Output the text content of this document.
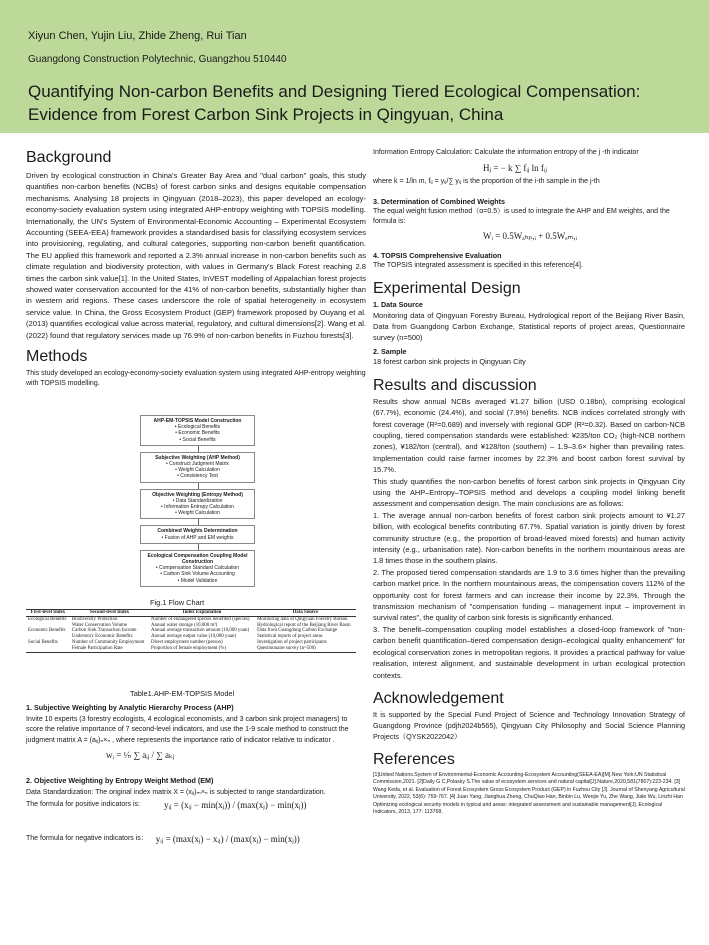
Xiyun Chen, Yujin Liu, Zhide Zheng, Rui Tian
Guangdong Construction Polytechnic, Guangzhou 510440
Quantifying Non-carbon Benefits and Designing Tiered Ecological Compensation: Evidence from Forest Carbon Sink Projects in Qingyuan, China
Background

Driven by ecological construction in China's Greater Bay Area and "dual carbon" goals, this study quantifies non-carbon benefits (NCBs) of forest carbon sinks and designs equitable compensation mechanisms. Analysing 18 projects in Qingyuan (2018–2023), this paper developed an ecology-economy-society evaluation system using integrated AHP-entropy weighting with TOPSIS modelling. Internationally, the UN's System of Environmental-Economic Accounting – Experimental Ecosystem Accounting (SEEA-EEA) framework provides a standardised basis for classifying ecosystem services into provisioning, regulating, and cultural categories, supporting non-carbon benefit quantification. The EU applied this framework and reported a 2.3% annual increase in non-carbon benefits such as climate regulation and biodiversity protection, with values in Germany's Black Forest reaching 2.8 times the carbon sink value[1]. In the United States, InVEST modelling of Appalachian forest projects showed water conservation accounted for the 41% of non-carbon benefits, substantially higher than in western arid regions. These cases underscore the role of spatial heterogeneity in ecosystem service value. In China, the Gross Ecosystem Product (GEP) framework proposed by Ouyang et al. (2013) quantifies ecological value across material, regulatory, and cultural dimensions[2]. Wang et al. (2022) found that regulatory services made up 76.9% of non-carbon benefits in Fuzhou forests[3].

Methods

This study developed an ecology-economy-society evaluation system using integrated AHP-entropy weighting with TOPSIS modelling.

AHP-EM-TOPSIS Model Construction
• Ecological Benefits
• Economic Benefits
• Social Benefits
Subjective Weighting (AHP Method)
• Construct Judgment Matrix
• Weight Calculation
• Consistency Test
Objective Weighting (Entropy Method)
• Data Standardization
• Information Entropy Calculation
• Weight Calculation
Combined Weights Determination
• Fusion of AHP and EM weights
Ecological Compensation Coupling Model Construction
• Compensation Standard Calculation
• Carbon Sink Volume Accounting
• Model Validation
Fig.1 Flow Chart
First-level Index	Second-level Index	Index Explanation	Data Source
Ecological Benefits	Biodiversity Protection	Number of endangered species benefited (species)	Monitoring data of Qingyuan Forestry Bureau
	Water Conservation Volume	Annual water storage (10,000 m³)	Hydrological report of the Beijiang River Basin
Economic Benefits	Carbon Sink Transaction Income	Annual average transaction amount (10,000 yuan)	Data from Guangdong Carbon Exchange
	Understory Economic Benefits	Annual average output value (10,000 yuan)	Statistical reports of project areas
Social Benefits	Number of Community Employment	Direct employment number (person)	Investigation of project participants
	Female Participation Rate	Proportion of female employment (%)	Questionnaire survey (n=500)
Table1.AHP-EM-TOPSIS Model
1. Subjective Weighting by Analytic Hierarchy Process (AHP)

Invite 10 experts (3 forestry ecologists, 4 ecological economists, and 3 carbon sink project managers) to score the relative importance of 7 second-level indicators, and use the 1-9 scale method to construct the judgment matrix A = (aᵢⱼ)ₙ×ₙ , where represents the importance ratio of indicator relative to indicator .

wᵢ = ¹⁄ₙ ∑ aᵢⱼ / ∑ aₖⱼ
2. Objective Weighting by Entropy Weight Method (EM)

Data Standardization: The original index matrix X = (xᵢⱼ)ₘ×ₙ is subjected to range standardization.

The formula for positive indicators is:	yᵢⱼ = (xᵢⱼ − min(xⱼ)) / (max(xⱼ) − min(xⱼ))
The formula for negative indicators is： yᵢⱼ = (max(xⱼ) − xᵢⱼ) / (max(xⱼ) − min(xⱼ))

Information Entropy Calculation: Calculate the information entropy of the j -th indicator

Hⱼ = − k ∑ fᵢⱼ ln fᵢⱼ

where k = 1/ln m, fᵢⱼ = yᵢⱼ/∑ yᵢⱼ is the proportion of the i-th sample in the j-th

3. Determination of Combined Weights

The equal weight fusion method（α=0.5）is used to integrate the AHP and EM weights, and the formula is:

Wᵢ = 0.5Wₐₕₚ,ᵢ + 0.5Wₑₘ,ᵢ
4. TOPSIS Comprehensive Evaluation

The TOPSIS integrated assessment is specified in this reference[4].

Experimental Design
1. Data Source

Monitoring data of Qingyuan Forestry Bureau, Hydrological report of the Beijiang River Basin, Data from Guangdong Carbon Exchange, Statistical reports of project areas, Questionnaire survey (n=500)

2. Sample

18 forest carbon sink projects in Qingyuan City

Results and discussion

Results show annual NCBs averaged ¥1.27 billion (USD 0.18bn), comprising ecological (67.7%), economic (24.4%), and social (7.9%) benefits. NCB indices correlated strongly with forest coverage (R²=0.689) and inversely with regional GDP (R²=0.32). Based on carbon-NCB coupling, tiered compensation standards were established: ¥235/ton CO₂ (high-NCB northern zones), ¥182/ton (central), and ¥128/ton (southern) – 1.9–3.6× higher than prevailing rates. Implementation could raise farmer incomes by 22.3% and boost carbon forest survival by 15.7%.

This study quantifies the non-carbon benefits of forest carbon sink projects in Qingyuan City using the AHP–Entropy–TOPSIS method and develops a coupling model linking benefit assessment and compensation design. The main conclusions are as follows:

1. The average annual non-carbon benefits of forest carbon sink projects amount to ¥1.27 billion, with ecological benefits contributing 67.7%. Spatial variation is jointly driven by forest community structure (e.g., the proportion of broad-leaved mixed forests) and human activity intensity (e.g., urbanisation rate). Non-carbon benefits in the northern mountainous areas are 1.8 times those in the southern plains.

2. The proposed tiered compensation standards are 1.9 to 3.6 times higher than the prevailing carbon market price. In the northern mountainous areas, the compensation covers 112% of the opportunity cost for forest farmers and can increase their income by 22.3%. Through the transmission mechanism of "compensation funding – management input – improvement in survival rates", the quality of carbon sink forests is significantly enhanced.

3. The benefit–compensation coupling model establishes a closed-loop framework of "non-carbon benefit quantification–tiered compensation design–ecological quality enhancement" for ecological conservation zones in metropolitan regions. It provides a practical pathway for value realisation, interest alignment, and sustainable development in urban ecological protection contexts.

Acknowledgement

It is supported by the Special Fund Project of Science and Technology Innovation Strategy of Guangdong Province (pdjh2024b565), Qingyuan City Philosophy and Social Science Planning Projects（QYSK2022042）

References

[1]United Nations.System of Environmental-Economic Accounting-Ecosystem Accounting(SEEA-EA)[M].New York:UN Statistical Commission,2021. [2]Daily G C,Polasky S.The value of ecosystem services and natural capital[J].Nature,2020,581(7807):223-234. [3] Wang Keda, et al. Evaluation of Forest Ecosystem Gross Ecosystem Product (GEP) in Fuzhou City [J]. Journal of Shenyang Agricultural University, 2022, 53(6): 759-767. [4] Juan Yang, Jianghua Zheng, ChuQiao Han, Binbin Lu, Wenjie Yu, Zhe Wang, Jiale Wu, Linzhi Han Optimizing ecological security models in typical arid areas: integrated assessment and sustainable management[J]. Ecological Indicators, 2013, 177: 113768.
